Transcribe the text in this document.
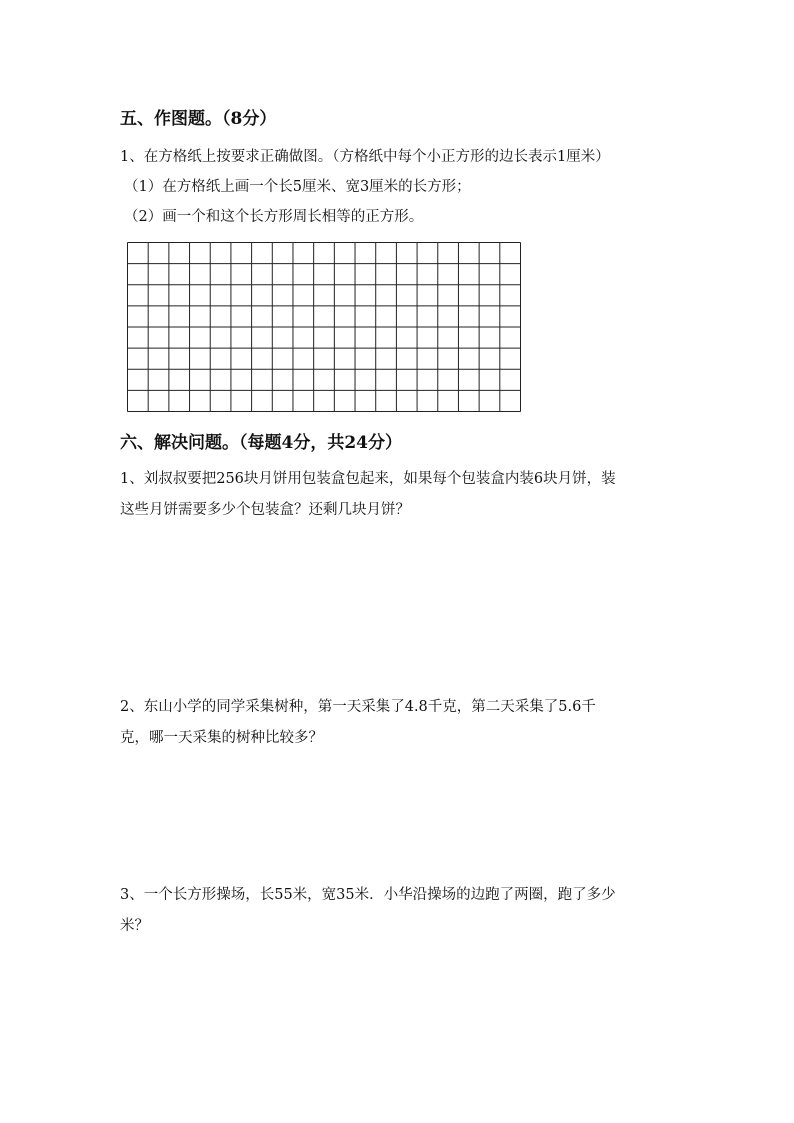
五、作图题。（8分）
1、在方格纸上按要求正确做图。（方格纸中每个小正方形的边长表示1厘米）
（1）在方格纸上画一个长5厘米、宽3厘米的长方形；
（2）画一个和这个长方形周长相等的正方形。
六、解决问题。（每题4分，共24分）
1、刘叔叔要把256块月饼用包装盒包起来，如果每个包装盒内装6块月饼，装
这些月饼需要多少个包装盒？还剩几块月饼？
2、东山小学的同学采集树种，第一天采集了4.8千克，第二天采集了5.6千
克，哪一天采集的树种比较多？
3、一个长方形操场，长55米，宽35米．小华沿操场的边跑了两圈，跑了多少
米？
